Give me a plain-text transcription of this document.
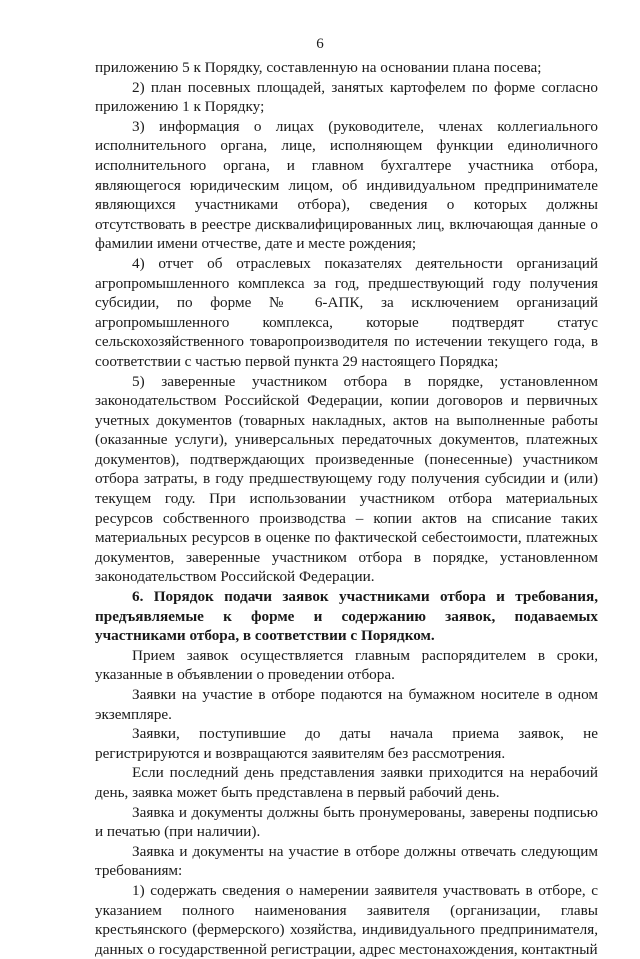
6

приложению 5 к Порядку, составленную на основании плана посева;

2) план посевных площадей, занятых картофелем по форме согласно приложению 1 к Порядку;

3) информация о лицах (руководителе, членах коллегиального исполнительного органа, лице, исполняющем функции единоличного исполнительного органа, и главном бухгалтере участника отбора, являющегося юридическим лицом, об индивидуальном предпринимателе являющихся участниками отбора), сведения о которых должны отсутствовать в реестре дисквалифицированных лиц, включающая данные о фамилии имени отчестве, дате и месте рождения;

4) отчет об отраслевых показателях деятельности организаций агропромышленного комплекса за год, предшествующий году получения субсидии, по форме № 6-АПК, за исключением организаций агропромышленного комплекса, которые подтвердят статус сельскохозяйственного товаропроизводителя по истечении текущего года, в соответствии с частью первой пункта 29 настоящего Порядка;

5) заверенные участником отбора в порядке, установленном законодательством Российской Федерации, копии договоров и первичных учетных документов (товарных накладных, актов на выполненные работы (оказанные услуги), универсальных передаточных документов, платежных документов), подтверждающих произведенные (понесенные) участником отбора затраты, в году предшествующему году получения субсидии и (или) текущем году. При использовании участником отбора материальных ресурсов собственного производства – копии актов на списание таких материальных ресурсов в оценке по фактической себестоимости, платежных документов, заверенные участником отбора в порядке, установленном законодательством Российской Федерации.

6. Порядок подачи заявок участниками отбора и требования, предъявляемые к форме и содержанию заявок, подаваемых участниками отбора, в соответствии с Порядком.

Прием заявок осуществляется главным распорядителем в сроки, указанные в объявлении о проведении отбора.

Заявки на участие в отборе подаются на бумажном носителе в одном экземпляре.

Заявки, поступившие до даты начала приема заявок, не регистрируются и возвращаются заявителям без рассмотрения.

Если последний день представления заявки приходится на нерабочий день, заявка может быть представлена в первый рабочий день.

Заявка и документы должны быть пронумерованы, заверены подписью и печатью (при наличии).

Заявка и документы на участие в отборе должны отвечать следующим требованиям:

1) содержать сведения о намерении заявителя участвовать в отборе, с указанием полного наименования заявителя (организации, главы крестьянского (фермерского) хозяйства, индивидуального предпринимателя, данных о государственной регистрации, адрес местонахождения, контактный
